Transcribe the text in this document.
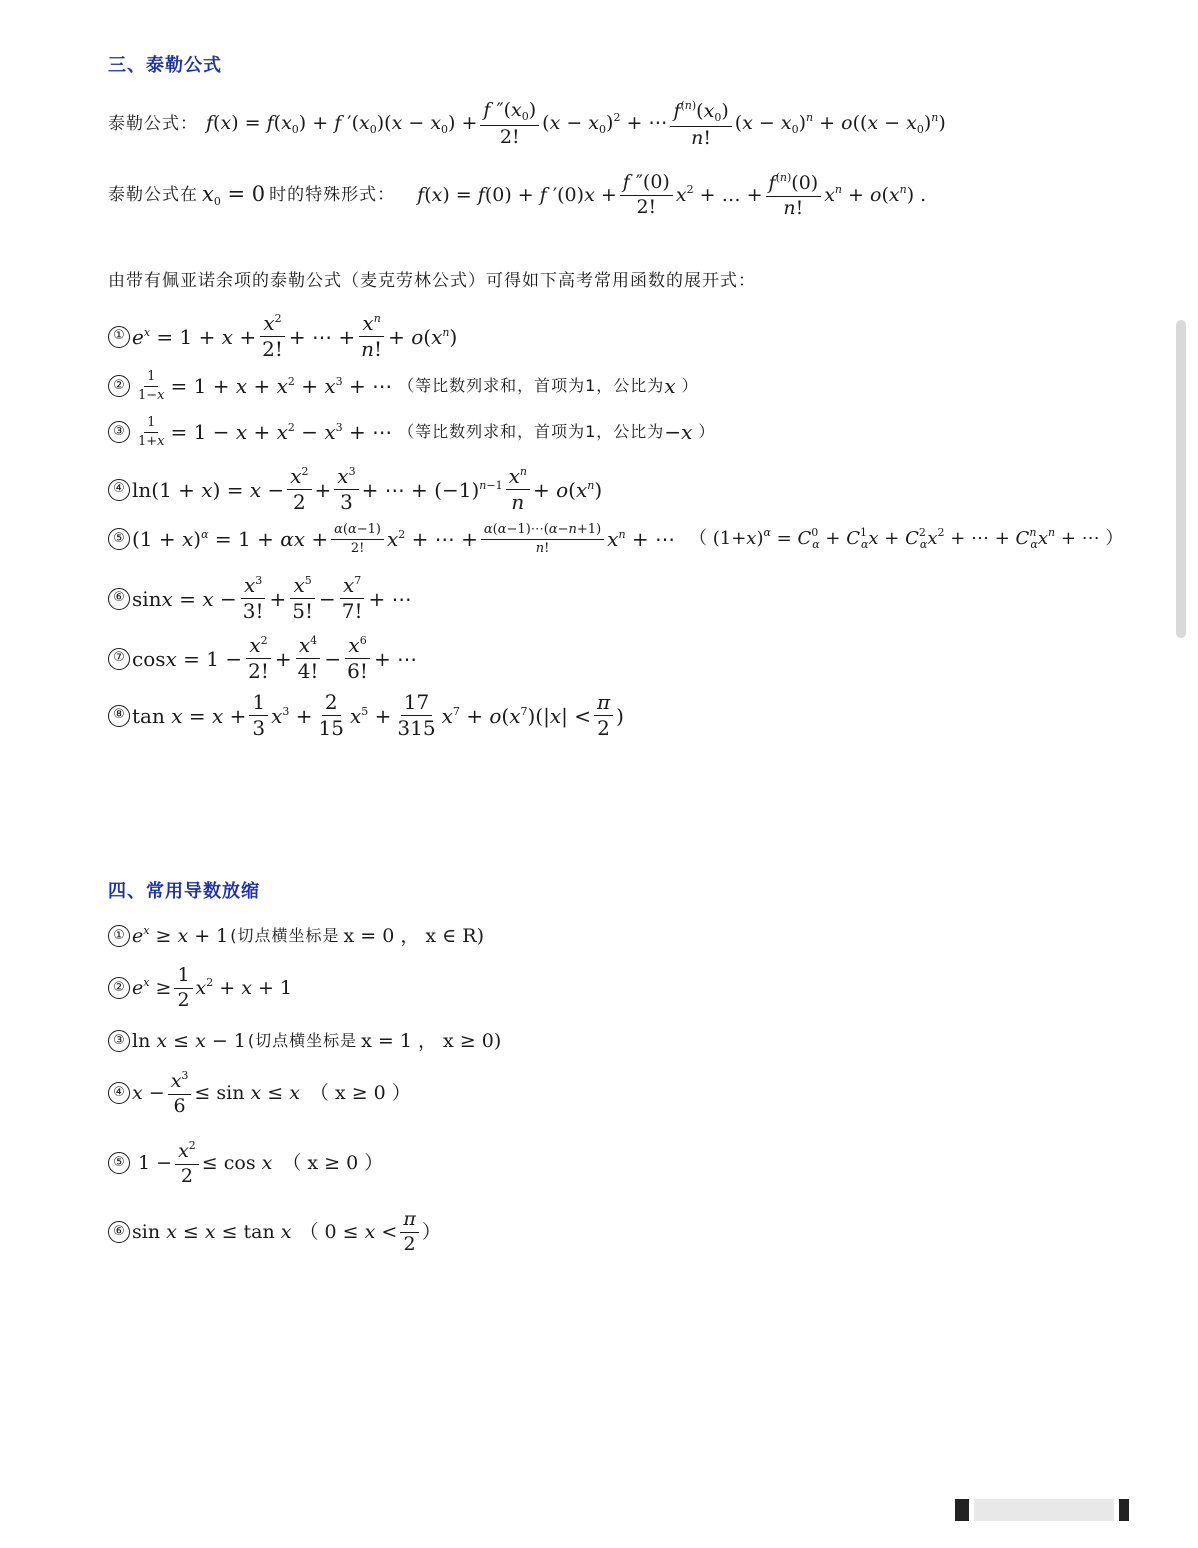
三、泰勒公式
泰勒公式： $f(x) = f(x_0) + f$ $'(x_0)(x - x_0) + \frac{f ''(x_0)}{2!} (x - x_0)^2$ + ⋯ $\frac{f^{(n)}(x_0)}{n!} (x - x_0)^n + o((x - x_0)^n)$
泰勒公式在 $x_0 = 0$ 时的特殊形式： f(x) = f(0) + f $'(0)x + \frac{f ''(0)}{2!} x^2$ + … + $\frac{f^{(n)}(0)}{n!} x^n + o(x^n)$ .
由带有佩亚诺余项的泰勒公式（麦克劳林公式）可得如下高考常用函数的展开式：
① $e^x = 1 + x + \frac{x^2}{2!}$ + ⋯ + $\frac{x^n}{n!} + o(x^n)$
② $\frac{1}{1-x} = 1 + x + x^2 + x^3$ + ⋯ （等比数列求和，首项为1，公比为 x ）
③ $\frac{1}{1+x} = 1 - x + x^2 - x^3$ + ⋯ （等比数列求和，首项为1，公比为 −x ）
④ $\ln(1 + x) = x - \frac{x^2}{2} + \frac{x^3}{3}$ + ⋯ + $(-1)^{n-1} \frac{x^n}{n} + o(x^n)$
⑤ $(1 + x)^\alpha = 1 + \alpha x + \frac{\alpha(\alpha-1)}{2!} x^2$ + ⋯ + $\frac{\alpha(\alpha-1)\cdots(\alpha-n+1)}{n!} x^n$ + ⋯ （ $(1+x)^\alpha = C^0_\alpha + C^1_\alpha x + C^2_\alpha x^2$ + ⋯ + $C^n_\alpha x^n$ + ⋯ ）
⑥ $\sin x = x - \frac{x^3}{3!} + \frac{x^5}{5!} - \frac{x^7}{7!}$ + ⋯
⑦ $\cos x = 1 - \frac{x^2}{2!} + \frac{x^4}{4!} - \frac{x^6}{6!}$ + ⋯
⑧ $\tan x = x + \frac{1}{3} x^3 + \frac{2}{15} x^5 + \frac{17}{315} x^7 + o(x^7)(|x| < \frac{\pi}{2}$ )
四、常用导数放缩
① $e^x \ge x + 1$ (切点横坐标是 x = 0 ， x ∈ R)
② $e^x \ge \frac{1}{2} x^2 + x + 1$
③ ln x ≤ x − 1 (切点横坐标是 x = 1 ， x ≥ 0)
④ $x - \frac{x^3}{6} \le \sin x \le x$ （ x ≥ 0 ）
⑤ $1 - \frac{x^2}{2} \le \cos x$ （ x ≥ 0 ）
⑥ sin x ≤ x ≤ tan x （ $0 \le x < \frac{\pi}{2}$ ）
